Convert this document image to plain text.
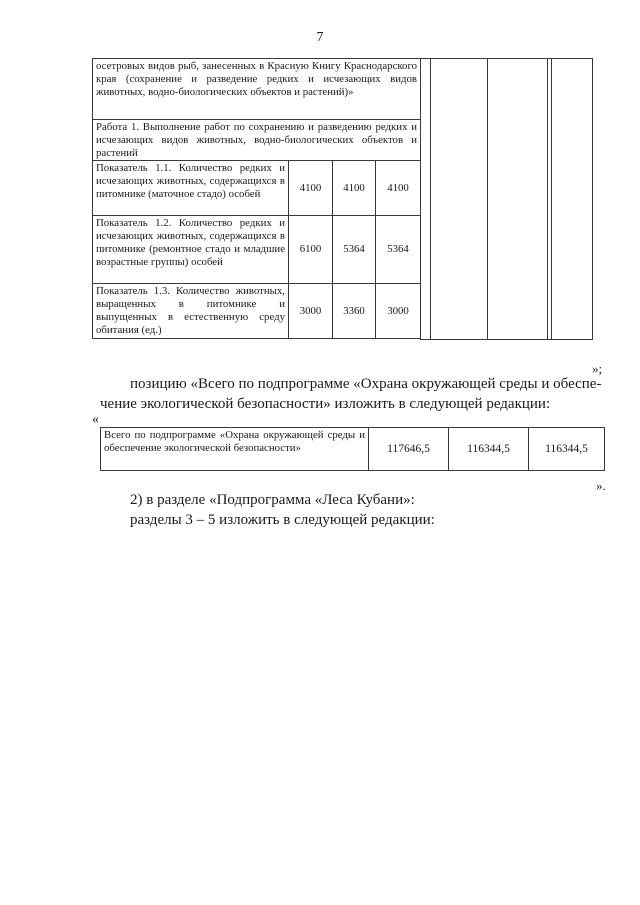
7
осетровых видов рыб, занесенных в Красную Книгу Краснодарского края (сохранение и разведение редких и исчезающих видов животных, водно-биологических объектов и растений)»								
Работа 1. Выполнение работ по сохранению и разведению редких и исчезающих видов животных, водно-биологических объектов и растений								
Показатель 1.1. Количество редких и исчезающих животных, содержащихся в питомнике (маточное стадо) особей	4100	4100	4100					
Показатель 1.2. Количество редких и исчезающих животных, содержащихся в питомнике (ремонтное стадо и младшие возрастные группы) особей	6100	5364	5364					
Показатель 1.3. Количество животных, выращенных в питомнике и выпущенных в естественную среду обитания (ед.)	3000	3360	3000					

»;
позицию «Всего по подпрограмме «Охрана окружающей среды и обеспе-
чение экологической безопасности» изложить в следующей редакции:
«
Всего по подпрограмме «Охрана окружающей среды и обеспечение экологической безопасности»	117646,5	116344,5	116344,5
».
2) в разделе «Подпрограмма «Леса Кубани»:
разделы 3 – 5 изложить в следующей редакции:
